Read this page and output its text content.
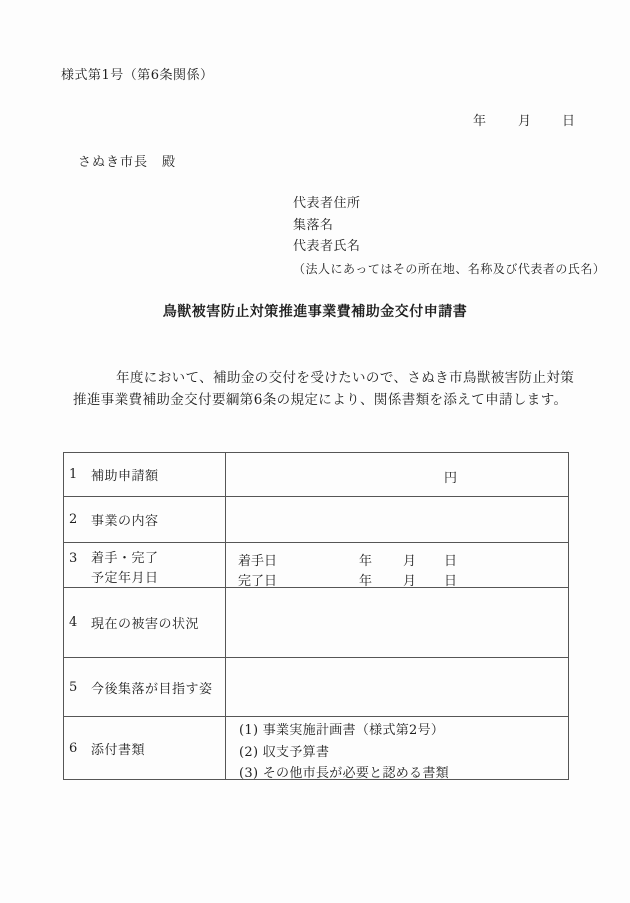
様式第1号（第6条関係）
年 月 日
さぬき市長　殿
代表者住所
集落名
代表者氏名
（法人にあってはその所在地、名称及び代表者の氏名）
鳥獣被害防止対策推進事業費補助金交付申請書
年度において、補助金の交付を受けたいので、さぬき市鳥獣被害防止対策
推進事業費補助金交付要綱第6条の規定により、関係書類を添えて申請します。
1	補助申請額	円
2	事業の内容
3	着手・完了
予定年月日
着手日	年 月 日
完了日	年 月 日
4	現在の被害の状況
5	今後集落が目指す姿
6	添付書類
(1) 事業実施計画書（様式第2号）
(2) 収支予算書
(3) その他市長が必要と認める書類
